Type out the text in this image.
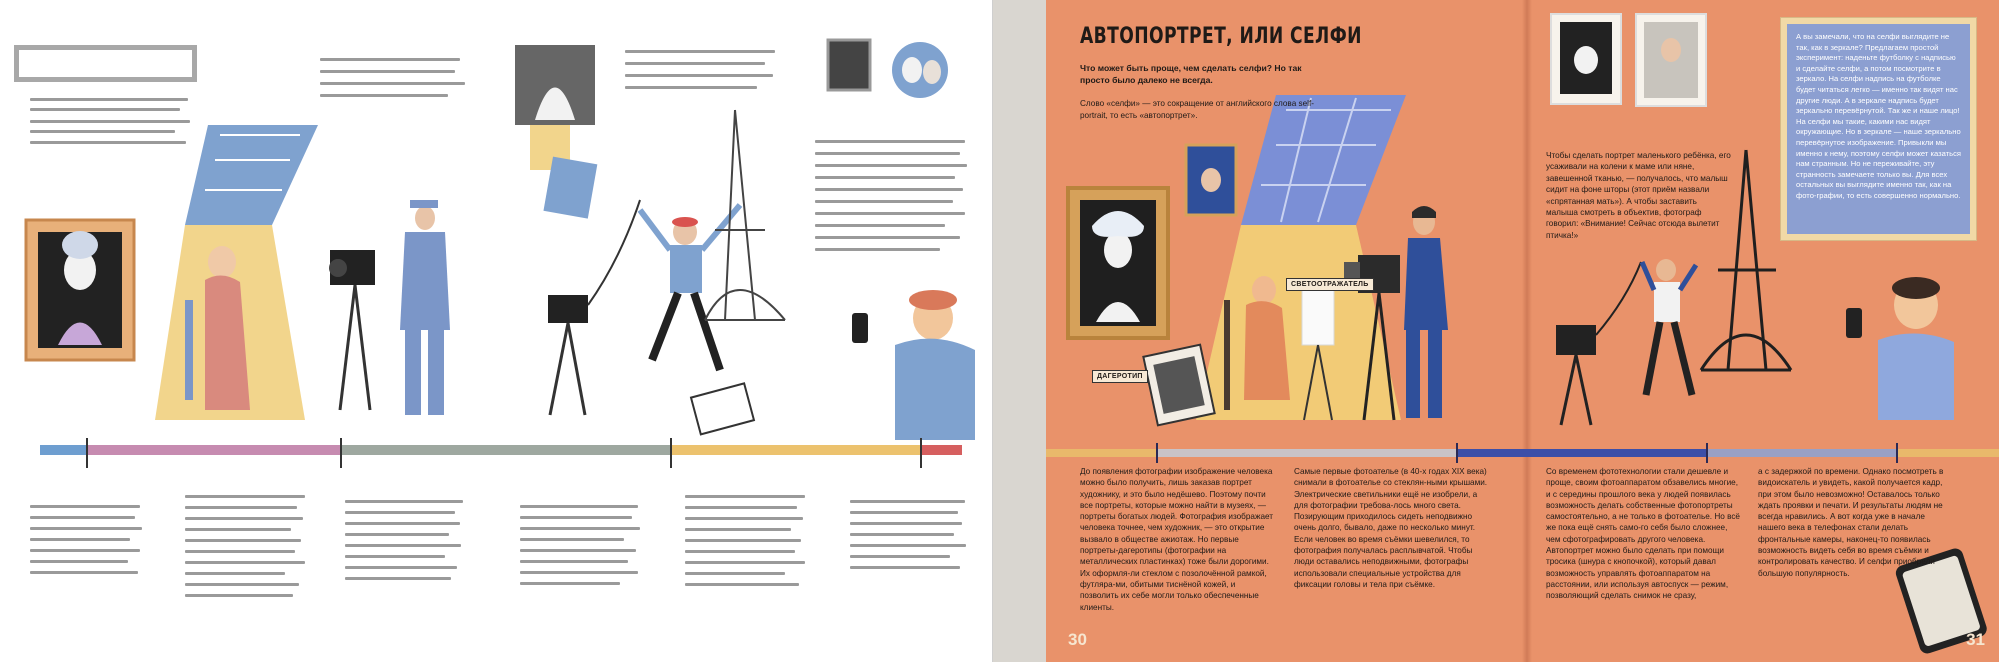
АВТОПОРТРЕТ, ИЛИ СЕЛФИ
Что может быть проще, чем сделать селфи? Но так просто было далеко не всегда.
Слово «селфи» — это сокращение от английского слова self-portrait, то есть «автопортрет».
Чтобы сделать портрет маленького ребёнка, его усаживали на колени к маме или няне, завешенной тканью, — получалось, что малыш сидит на фоне шторы (этот приём назвали «спрятанная мать»). А чтобы заставить малыша смотреть в объектив, фотограф говорил: «Внимание! Сейчас отсюда вылетит птичка!»

А вы замечали, что на селфи выглядите не так, как в зеркале? Предлагаем простой эксперимент: наденьте футболку с надписью и сделайте селфи, а потом посмотрите в зеркало. На селфи надпись на футболке будет читаться легко — именно так видят нас другие люди. А в зеркале надпись будет зеркально перевёрнутой. Так же и наше лицо! На селфи мы такие, какими нас видят окружающие. Но в зеркале — наше зеркально перевёрнутое изображение. Привыкли мы именно к нему, поэтому селфи может казаться нам странным. Но не переживайте, эту странность замечаете только вы. Для всех остальных вы выглядите именно так, как на фото-графии, то есть совершенно нормально.

СВЕТООТРАЖАТЕЛЬ
ДАГЕРОТИП
До появления фотографии изображение человека можно было получить, лишь заказав портрет художнику, и это было недёшево. Поэтому почти все портреты, которые можно найти в музеях, — портреты богатых людей. Фотография изображает человека точнее, чем художник, — это открытие вызвало в обществе ажиотаж. Но первые портреты-дагеротипы (фотографии на металлических пластинках) тоже были дорогими. Их оформля-ли стеклом с позолочённой рамкой, футляра-ми, обитыми тиснёной кожей, и позволить их себе могли только обеспеченные клиенты.
Самые первые фотоателье (в 40-х годах XIX века) снимали в фотоателье со стеклян-ными крышами. Электрические светильники ещё не изобрели, а для фотографии требова-лось много света. Позирующим приходилось сидеть неподвижно очень долго, бывало, даже по несколько минут. Если человек во время съёмки шевелился, то фотография получалась расплывчатой. Чтобы люди оставались неподвижными, фотографы использовали специальные устройства для фиксации головы и тела при съёмке.
Со временем фототехнологии стали дешевле и проще, своим фотоаппаратом обзавелись многие, и с середины прошлого века у людей появилась возможность делать собственные фотопортреты самостоятельно, а не только в фотоателье. Но всё же пока ещё снять само-го себя было сложнее, чем сфотографировать другого человека. Автопортрет можно было сделать при помощи тросика (шнура с кнопочкой), который давал возможность управлять фотоаппаратом на расстоянии, или используя автоспуск — режим, позволяющий сделать снимок не сразу,
а с задержкой по времени. Однако посмотреть в видоискатель и увидеть, какой получается кадр, при этом было невозможно! Оставалось только ждать проявки и печати. И результаты людям не всегда нравились. А вот когда уже в начале нашего века в телефонах стали делать фронтальные камеры, наконец-то появилась возможность видеть себя во время съёмки и контролировать качество. И селфи приобрели большую популярность.
30	31
